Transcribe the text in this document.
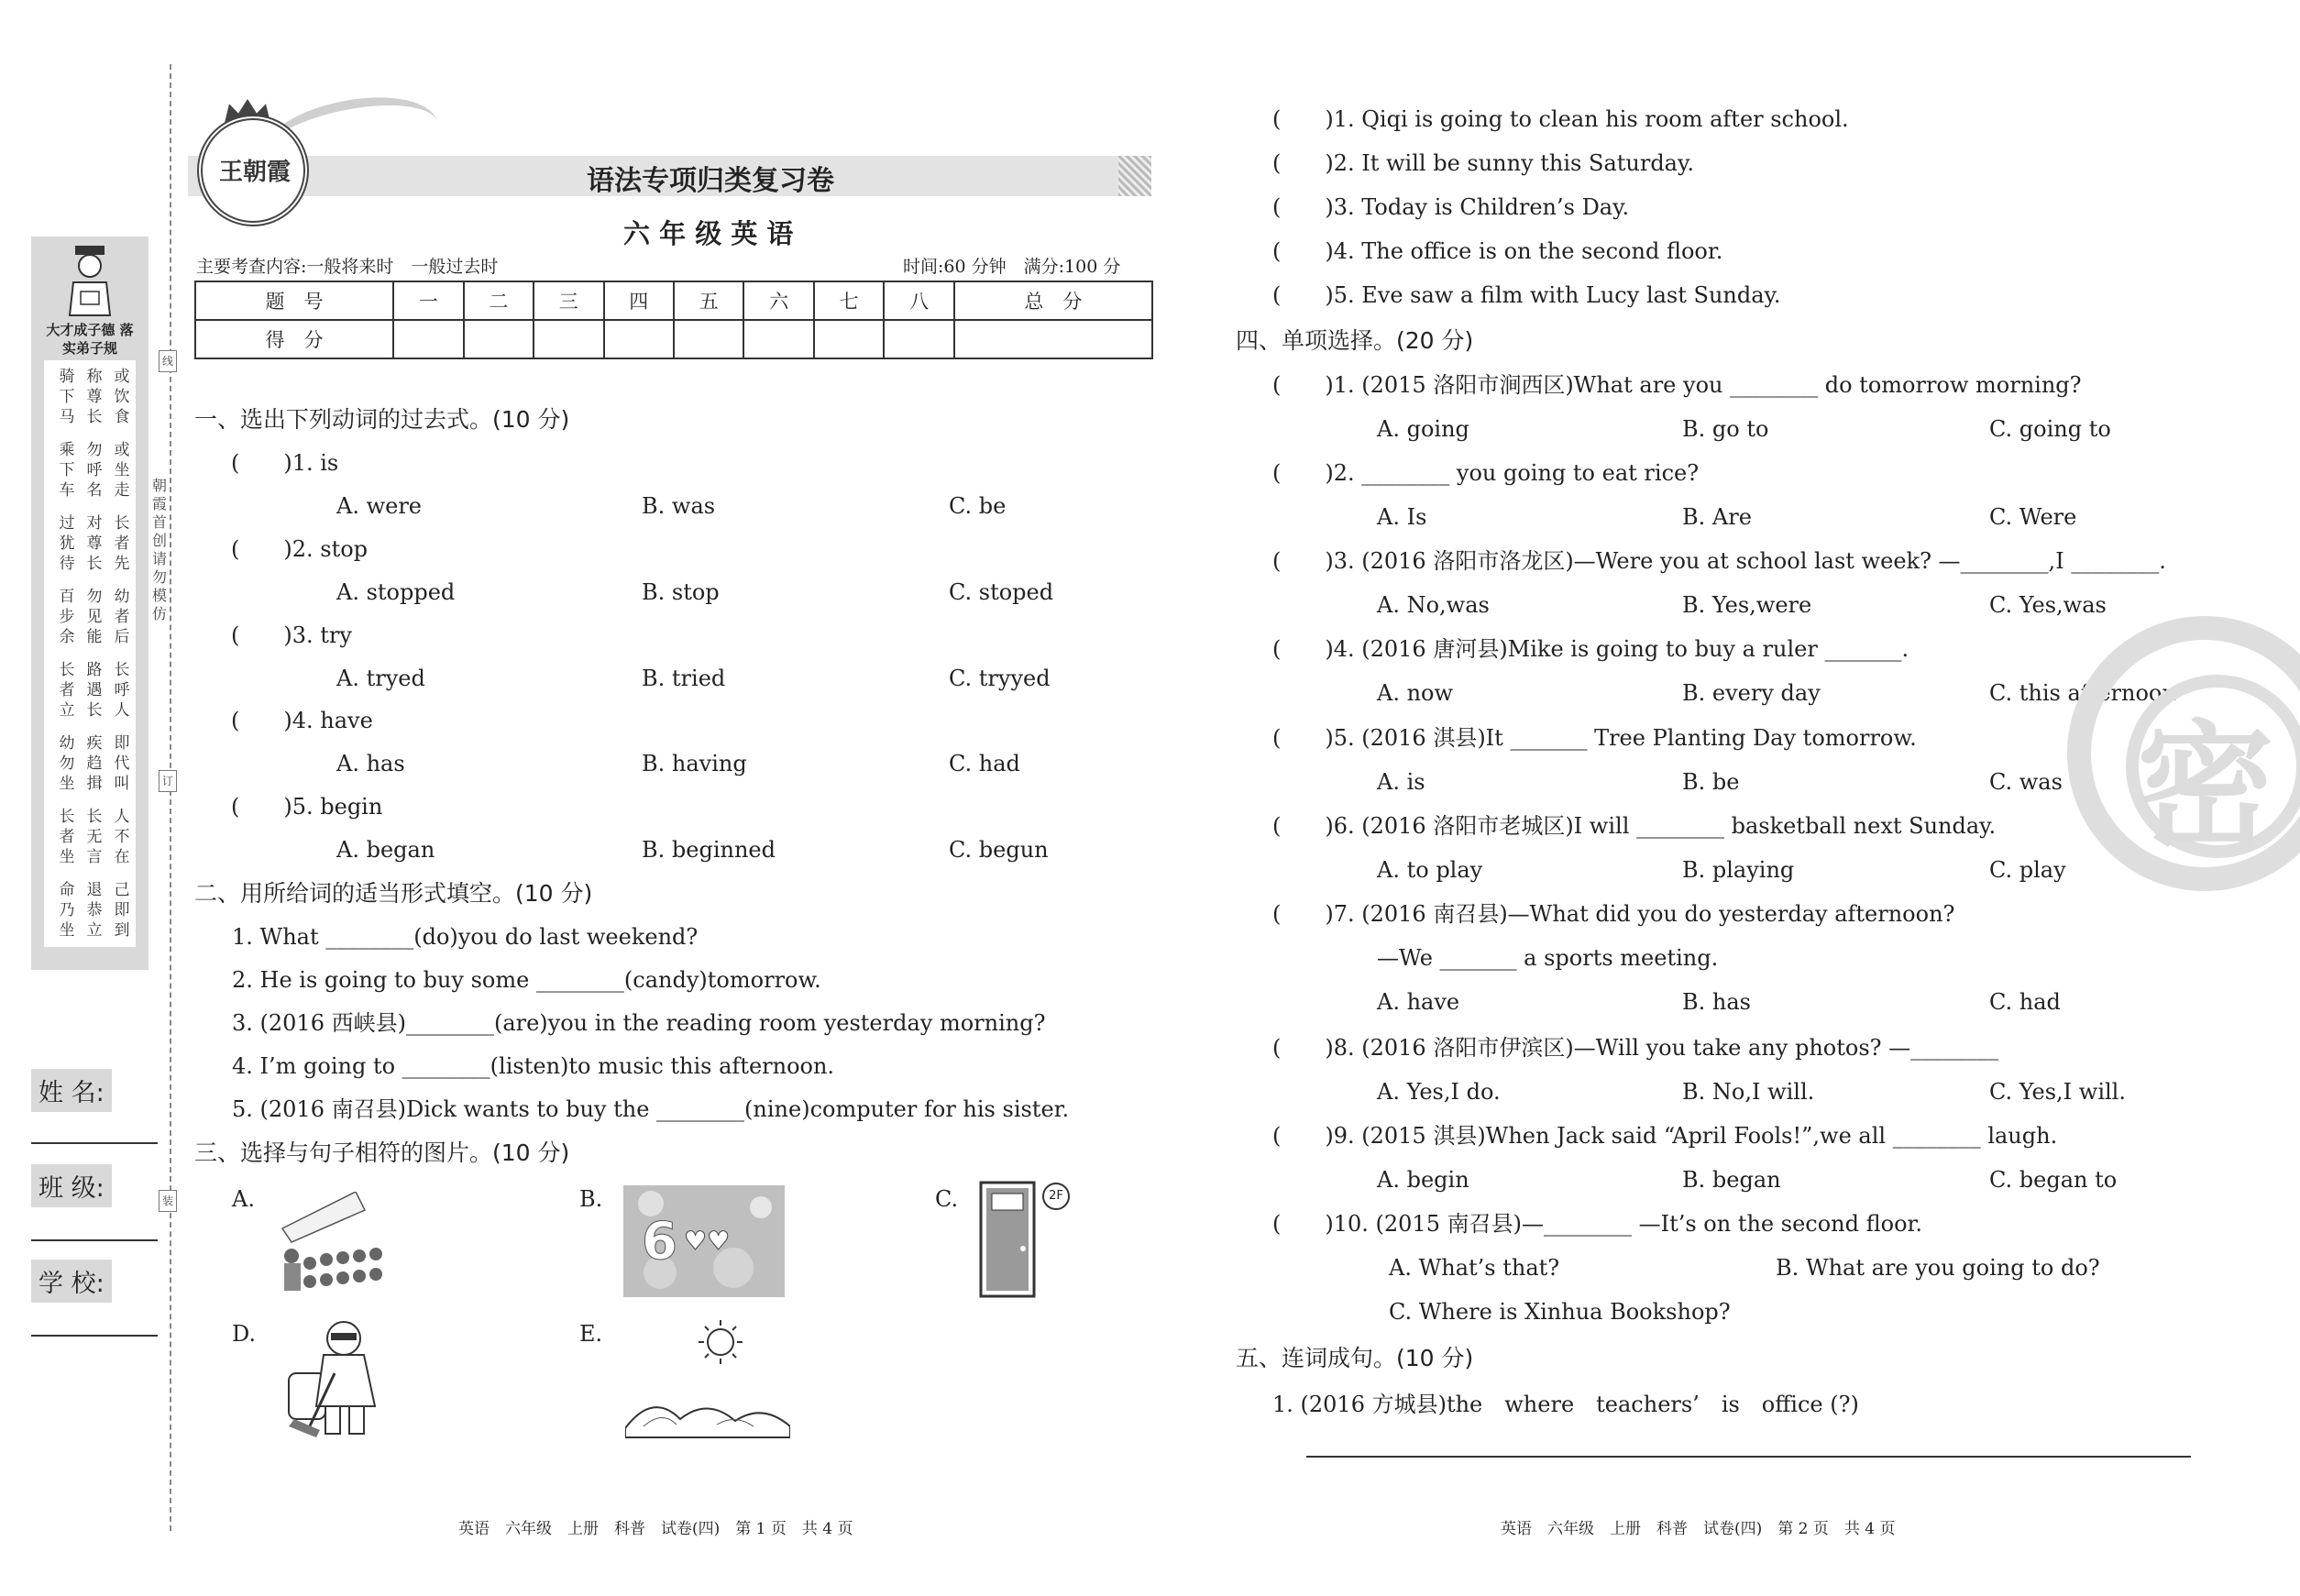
大才成子德 落实弟子规
骑下马
称尊长
或饮食
乘下车
勿呼名
或坐走
过犹待
对尊长
长者先
百步余
勿见能
幼者后
长者立
路遇长
长呼人
幼勿坐
疾趋揖
即代叫
长者坐
长无言
人不在
命乃坐
退恭立
己即到
线
订
装
朝霞首创 请勿模仿
姓 名:
班 级:
学 校:
王朝霞	语法专项归类复习卷
六 年 级 英 语
主要考查内容:一般将来时　一般过去时	时间:60 分钟　满分:100 分
题　号	一	二	三	四	五	六	七	八	总　分
得　分									
一、选出下列动词的过去式。(10 分)
(　　)1. is
A. were	B. was	C. be
(　　)2. stop
A. stopped	B. stop	C. stoped
(　　)3. try
A. tryed	B. tried	C. tryyed
(　　)4. have
A. has	B. having	C. had
(　　)5. begin
A. began	B. beginned	C. begun
二、用所给词的适当形式填空。(10 分)
1. What ________(do)you do last weekend?
2. He is going to buy some ________(candy)tomorrow.
3. (2016 西峡县)________(are)you in the reading room yesterday morning?
4. I’m going to ________(listen)to music this afternoon.
5. (2016 南召县)Dick wants to buy the ________(nine)computer for his sister.
三、选择与句子相符的图片。(10 分)
A.	B.	C.
D.	E.
6 ♥♥
2F
(　　)1. Qiqi is going to clean his room after school.
(　　)2. It will be sunny this Saturday.
(　　)3. Today is Children’s Day.
(　　)4. The office is on the second floor.
(　　)5. Eve saw a film with Lucy last Sunday.
四、单项选择。(20 分)
(　　)1. (2015 洛阳市涧西区)What are you ________ do tomorrow morning?
A. going	B. go to	C. going to
(　　)2. ________ you going to eat rice?
A. Is	B. Are	C. Were
(　　)3. (2016 洛阳市洛龙区)—Were you at school last week? —________,I ________.
A. No,was	B. Yes,were	C. Yes,was
(　　)4. (2016 唐河县)Mike is going to buy a ruler _______.
A. now	B. every day	C. this afternoon
(　　)5. (2016 淇县)It _______ Tree Planting Day tomorrow.
A. is	B. be	C. was
(　　)6. (2016 洛阳市老城区)I will ________ basketball next Sunday.
A. to play	B. playing	C. play
(　　)7. (2016 南召县)—What did you do yesterday afternoon?
—We _______ a sports meeting.
A. have	B. has	C. had
(　　)8. (2016 洛阳市伊滨区)—Will you take any photos? —________
A. Yes,I do.	B. No,I will.	C. Yes,I will.
(　　)9. (2015 淇县)When Jack said “April Fools!”,we all ________ laugh.
A. begin	B. began	C. began to
(　　)10. (2015 南召县)—________ —It’s on the second floor.
A. What’s that?	B. What are you going to do?
C. Where is Xinhua Bookshop?
五、连词成句。(10 分)
1. (2016 方城县)the　where　teachers’　is　office (?)
密
英语　六年级　上册　科普　试卷(四)　第 1 页　共 4 页	英语　六年级　上册　科普　试卷(四)　第 2 页　共 4 页
